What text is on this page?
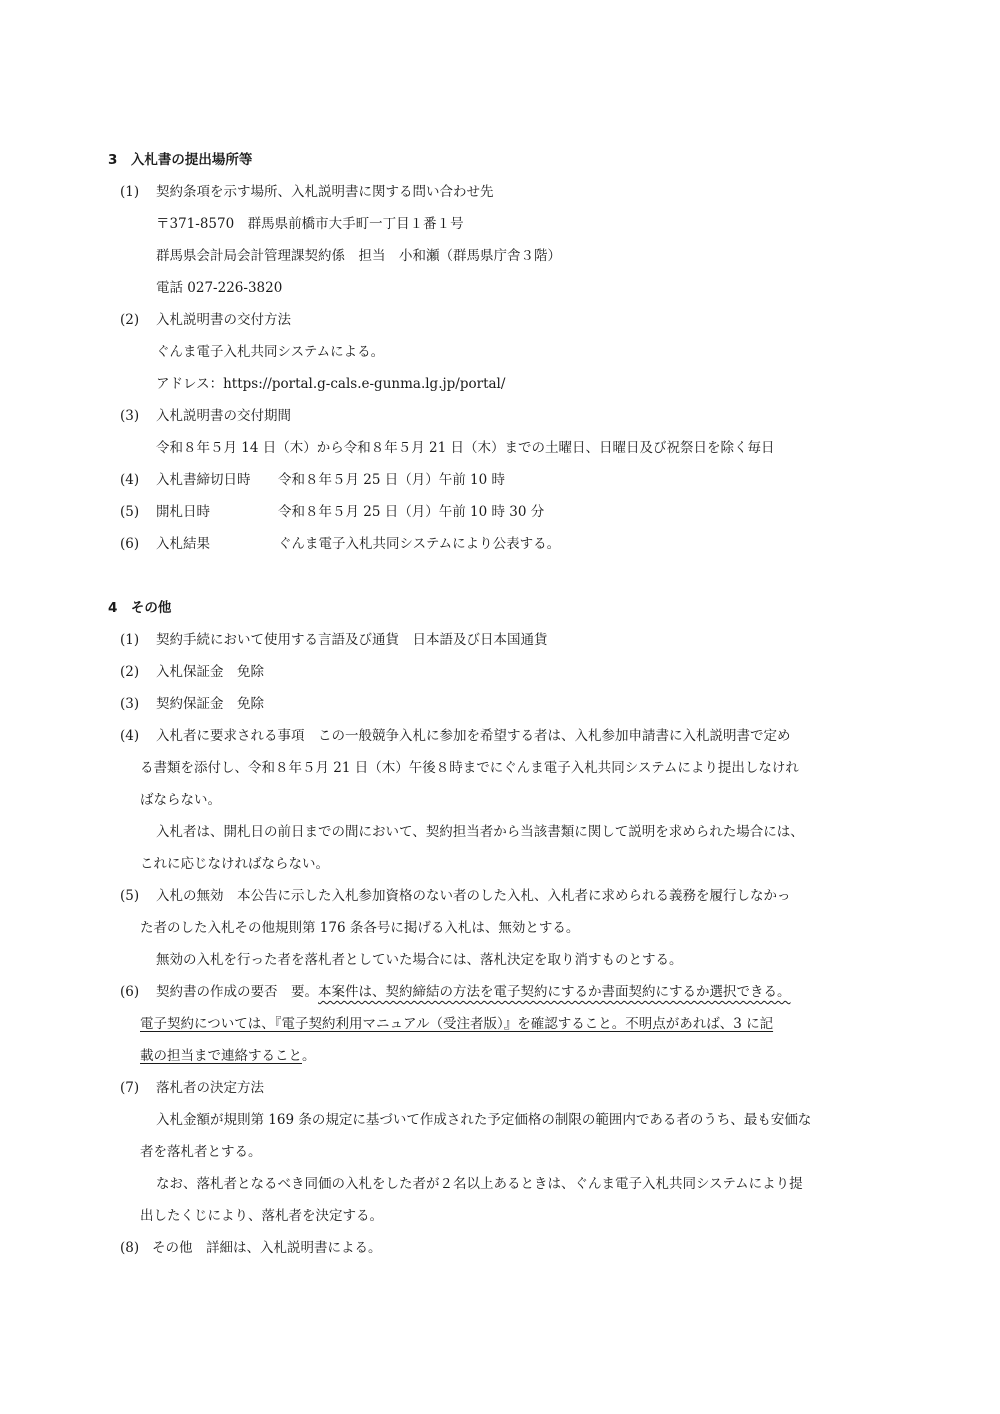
3　入札書の提出場所等
(1) 契約条項を示す場所、入札説明書に関する問い合わせ先
〒371-8570　群馬県前橋市大手町一丁目１番１号
群馬県会計局会計管理課契約係　担当　小和瀬（群馬県庁舎３階）
電話 027-226-3820
(2) 入札説明書の交付方法
ぐんま電子入札共同システムによる。
アドレス：https://portal.g-cals.e-gunma.lg.jp/portal/
(3) 入札説明書の交付期間
令和８年５月 14 日（木）から令和８年５月 21 日（木）までの土曜日、日曜日及び祝祭日を除く毎日
(4) 入札書締切日時 令和８年５月 25 日（月）午前 10 時
(5) 開札日時	令和８年５月 25 日（月）午前 10 時 30 分
(6) 入札結果	ぐんま電子入札共同システムにより公表する。
4　その他
(1) 契約手続において使用する言語及び通貨　日本語及び日本国通貨
(2) 入札保証金　免除
(3) 契約保証金　免除
(4) 入札者に要求される事項　この一般競争入札に参加を希望する者は、入札参加申請書に入札説明書で定め
る書類を添付し、令和８年５月 21 日（木）午後８時までにぐんま電子入札共同システムにより提出しなけれ
ばならない。
入札者は、開札日の前日までの間において、契約担当者から当該書類に関して説明を求められた場合には、
これに応じなければならない。
(5) 入札の無効　本公告に示した入札参加資格のない者のした入札、入札者に求められる義務を履行しなかっ
た者のした入札その他規則第 176 条各号に掲げる入札は、無効とする。
無効の入札を行った者を落札者としていた場合には、落札決定を取り消すものとする。
(6) 契約書の作成の要否　要。本案件は、契約締結の方法を電子契約にするか書面契約にするか選択できる。
電子契約については、『電子契約利用マニュアル（受注者版）』を確認すること。不明点があれば、3 に記
載の担当まで連絡すること。
(7) 落札者の決定方法
入札金額が規則第 169 条の規定に基づいて作成された予定価格の制限の範囲内である者のうち、最も安価な
者を落札者とする。
なお、落札者となるべき同価の入札をした者が２名以上あるときは、ぐんま電子入札共同システムにより提
出したくじにより、落札者を決定する。
(8) その他　詳細は、入札説明書による。
